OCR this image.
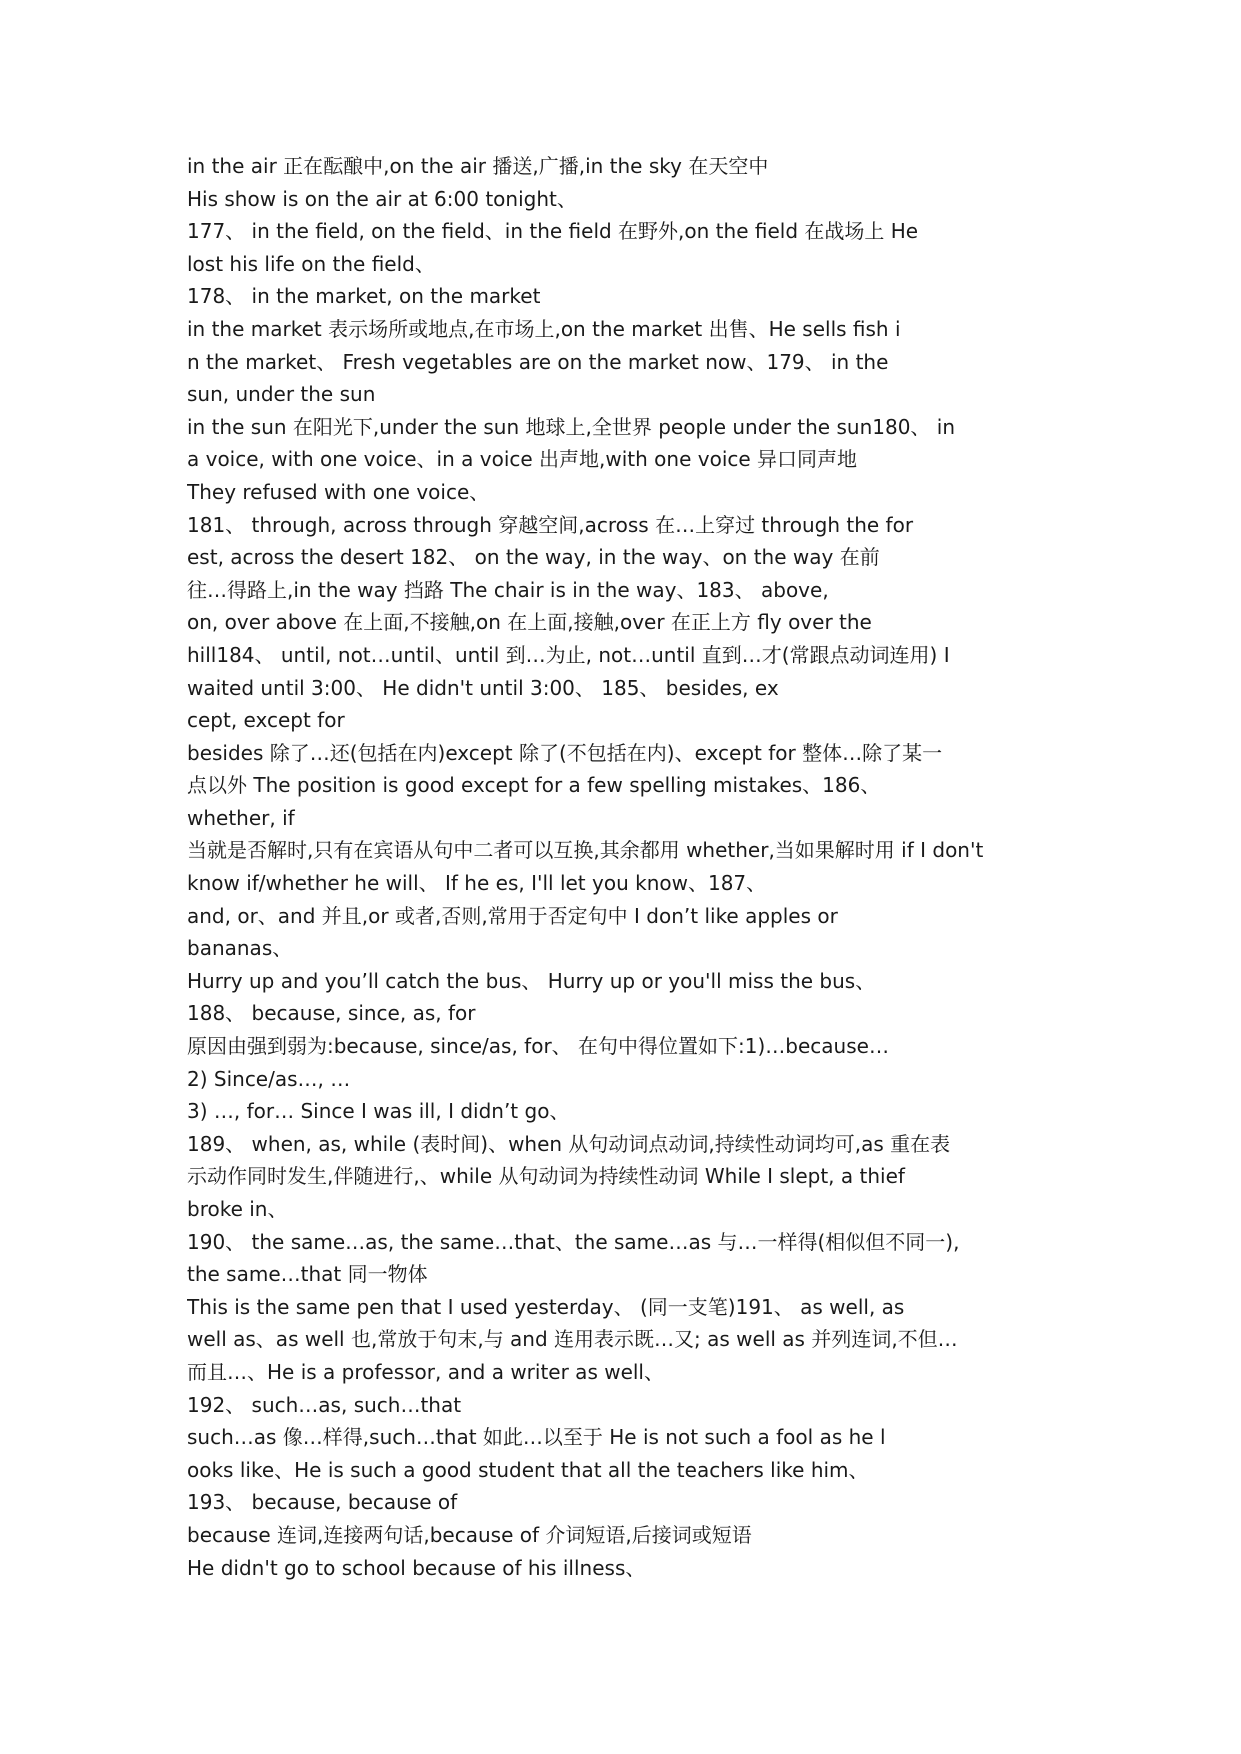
in the air 正在酝酿中,on the air 播送,广播,in the sky 在天空中
His show is on the air at 6:00 tonight、
177、 in the field, on the field、in the field 在野外,on the field 在战场上 He
lost his life on the field、
178、 in the market, on the market
in the market 表示场所或地点,在市场上,on the market 出售、He sells fish i
n the market、 Fresh vegetables are on the market now、179、 in the
sun, under the sun
in the sun 在阳光下,under the sun 地球上,全世界 people under the sun180、 in
a voice, with one voice、in a voice 出声地,with one voice 异口同声地
They refused with one voice、
181、 through, across through 穿越空间,across 在…上穿过 through the for
est, across the desert 182、 on the way, in the way、on the way 在前
往…得路上,in the way 挡路 The chair is in the way、183、 above,
on, over above 在上面,不接触,on 在上面,接触,over 在正上方 fly over the
hill184、 until, not…until、until 到…为止, not…until 直到…才(常跟点动词连用) I
waited until 3:00、 He didn't until 3:00、 185、 besides, ex
cept, except for
besides 除了…还(包括在内)except 除了(不包括在内)、except for 整体…除了某一
点以外 The position is good except for a few spelling mistakes、186、
whether, if
当就是否解时,只有在宾语从句中二者可以互换,其余都用 whether,当如果解时用 if I don't
know if/whether he will、 If he es, I'll let you know、187、
and, or、and 并且,or 或者,否则,常用于否定句中 I don’t like apples or
bananas、
Hurry up and you’ll catch the bus、 Hurry up or you'll miss the bus、
188、 because, since, as, for
原因由强到弱为:because, since/as, for、 在句中得位置如下:1)…because…
2) Since/as…, …
3) …, for… Since I was ill, I didn’t go、
189、 when, as, while (表时间)、when 从句动词点动词,持续性动词均可,as 重在表
示动作同时发生,伴随进行,、while 从句动词为持续性动词 While I slept, a thief
broke in、
190、 the same…as, the same…that、the same…as 与…一样得(相似但不同一),
the same…that 同一物体
This is the same pen that I used yesterday、 (同一支笔)191、 as well, as
well as、as well 也,常放于句末,与 and 连用表示既…又; as well as 并列连词,不但…
而且…、He is a professor, and a writer as well、
192、 such…as, such…that
such…as 像…样得,such…that 如此…以至于 He is not such a fool as he l
ooks like、He is such a good student that all the teachers like him、
193、 because, because of
because 连词,连接两句话,because of 介词短语,后接词或短语
He didn't go to school because of his illness、
